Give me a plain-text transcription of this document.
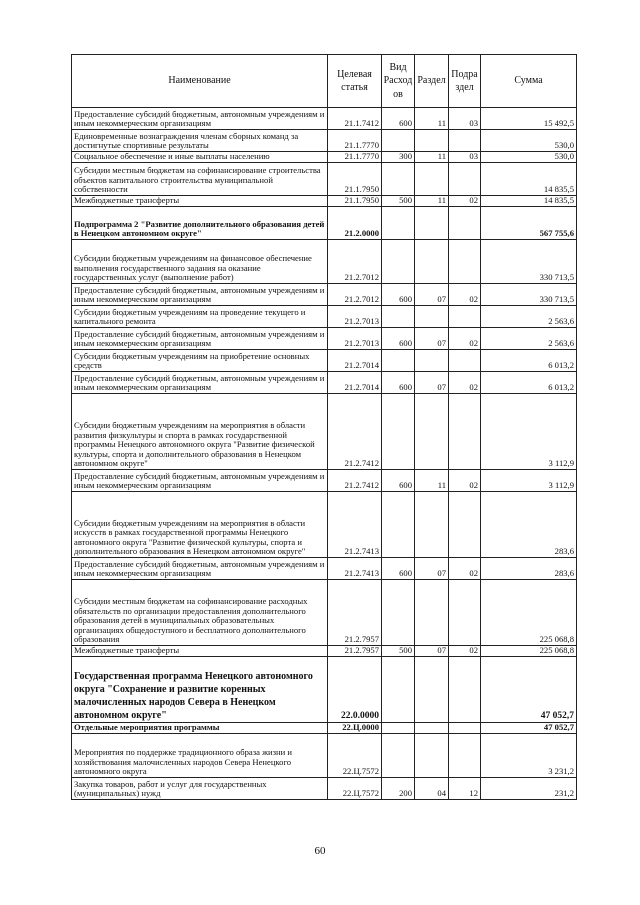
Наименование	Целевая статья	Вид Расходов	Раздел	Подраздел	Сумма
Предоставление субсидий бюджетным, автономным учреждениям и иным некоммерческим организациям	21.1.7412	600	11	03	15 492,5
Единовременные вознаграждения членам сборных команд за достигнутые спортивные результаты	21.1.7770				530,0
Социальное обеспечение и иные выплаты населению	21.1.7770	300	11	03	530,0
Субсидии местным бюджетам на софинансирование строительства объектов капитального строительства муниципальной собственности	21.1.7950				14 835,5
Межбюджетные трансферты	21.1.7950	500	11	02	14 835,5
Подпрограмма 2 "Развитие дополнительного образования детей в Ненецком автономном округе"	21.2.0000				567 755,6
Субсидии бюджетным учреждениям на финансовое обеспечение выполнения государственного задания на оказание государственных услуг (выполнение работ)	21.2.7012				330 713,5
Предоставление субсидий бюджетным, автономным учреждениям и иным некоммерческим организациям	21.2.7012	600	07	02	330 713,5
Субсидии бюджетным учреждениям на проведение текущего и капитального ремонта	21.2.7013				2 563,6
Предоставление субсидий бюджетным, автономным учреждениям и иным некоммерческим организациям	21.2.7013	600	07	02	2 563,6
Субсидии бюджетным учреждениям на приобретение основных средств	21.2.7014				6 013,2
Предоставление субсидий бюджетным, автономным учреждениям и иным некоммерческим организациям	21.2.7014	600	07	02	6 013,2
Субсидии бюджетным учреждениям на мероприятия в области развития физкультуры и спорта в рамках государственной программы Ненецкого автономного округа "Развитие физической культуры, спорта и дополнительного образования в Ненецком автономном округе"	21.2.7412				3 112,9
Предоставление субсидий бюджетным, автономным учреждениям и иным некоммерческим организациям	21.2.7412	600	11	02	3 112,9
Субсидии бюджетным учреждениям на мероприятия в области искусств в рамках государственной программы Ненецкого автономного округа "Развитие физической культуры, спорта и дополнительного образования в Ненецком автономном округе"	21.2.7413				283,6
Предоставление субсидий бюджетным, автономным учреждениям и иным некоммерческим организациям	21.2.7413	600	07	02	283,6
Субсидии местным бюджетам на софинансирование расходных обязательств по организации предоставления дополнительного образования детей в муниципальных образовательных организациях общедоступного и бесплатного дополнительного образования	21.2.7957				225 068,8
Межбюджетные трансферты	21.2.7957	500	07	02	225 068,8
Государственная программа Ненецкого автономного округа "Сохранение и развитие коренных малочисленных народов Севера в Ненецком автономном округе"	22.0.0000				47 052,7
Отдельные мероприятия программы	22.Ц.0000				47 052,7
Мероприятия по поддержке традиционного образа жизни и хозяйствования малочисленных народов Севера Ненецкого автономного округа	22.Ц.7572				3 231,2
Закупка товаров, работ и услуг для государственных (муниципальных) нужд	22.Ц.7572	200	04	12	231,2
60
